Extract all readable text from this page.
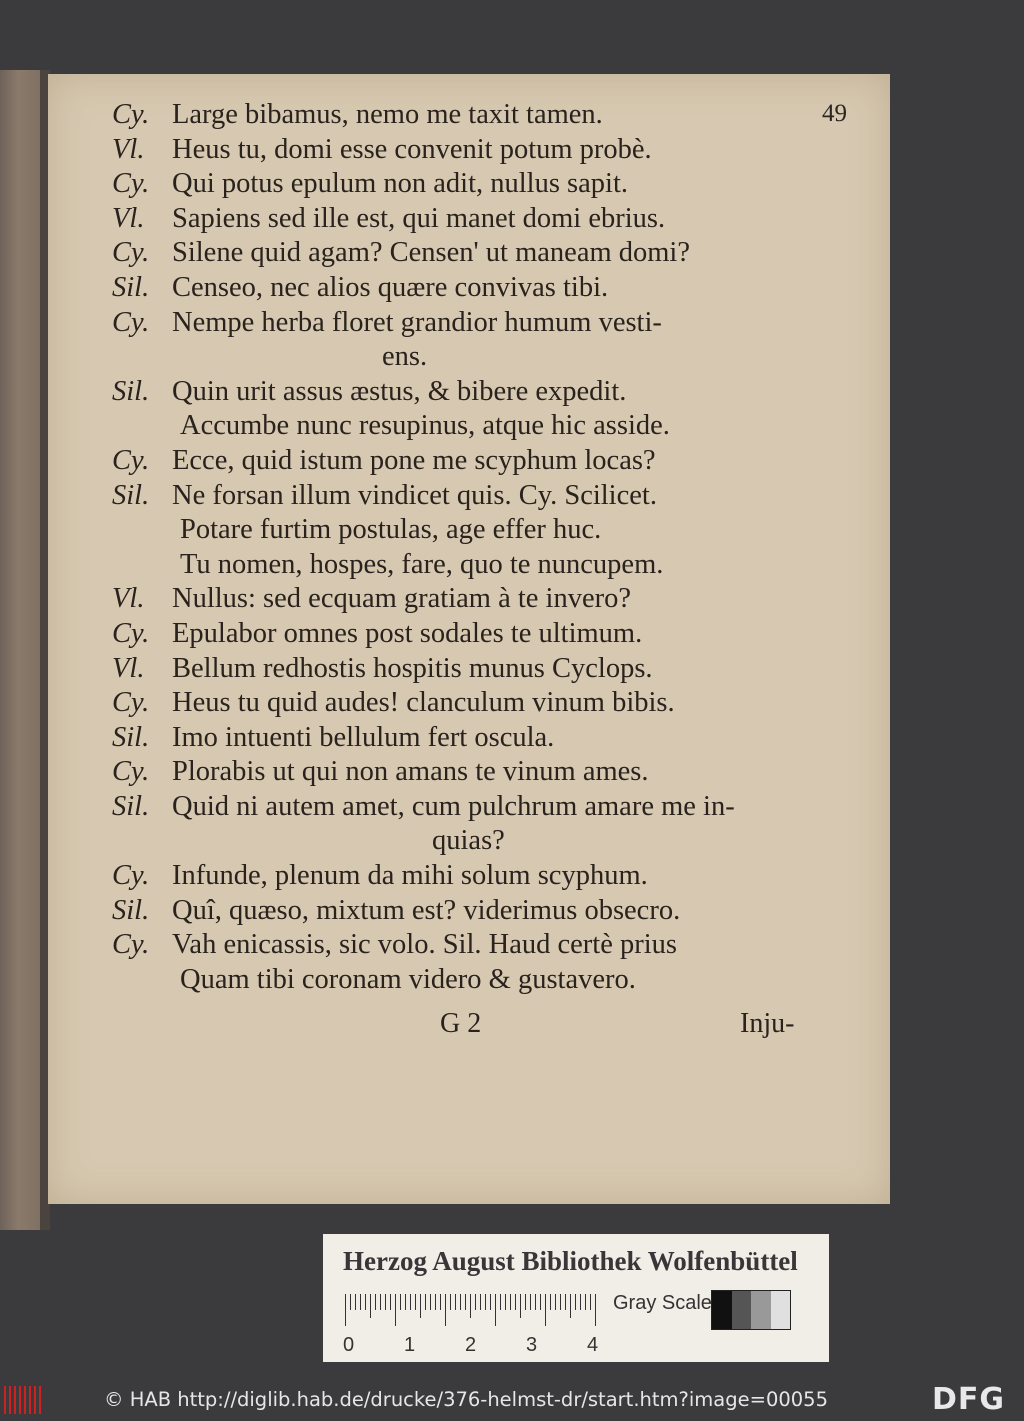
49
Cy. Large bibamus, nemo me taxit tamen.
Vl. Heus tu, domi esse convenit potum probè.
Cy. Qui potus epulum non adit, nullus sapit.
Vl. Sapiens sed ille est, qui manet domi ebrius.
Cy. Silene quid agam? Censen' ut maneam domi?
Sil. Censeo, nec alios quære convivas tibi.
Cy. Nempe herba floret grandior humum vesti-
ens.
Sil. Quin urit assus æstus, & bibere expedit.
Accumbe nunc resupinus, atque hic asside.
Cy. Ecce, quid istum pone me scyphum locas?
Sil. Ne forsan illum vindicet quis. Cy. Scilicet.
Potare furtim postulas, age effer huc.
Tu nomen, hospes, fare, quo te nuncupem.
Vl. Nullus: sed ecquam gratiam à te invero?
Cy. Epulabor omnes post sodales te ultimum.
Vl. Bellum redhostis hospitis munus Cyclops.
Cy. Heus tu quid audes! clanculum vinum bibis.
Sil. Imo intuenti bellulum fert oscula.
Cy. Plorabis ut qui non amans te vinum ames.
Sil. Quid ni autem amet, cum pulchrum amare me in-
quias?
Cy. Infunde, plenum da mihi solum scyphum.
Sil. Quî, quæso, mixtum est? viderimus obsecro.
Cy. Vah enicassis, sic volo. Sil. Haud certè prius
Quam tibi coronam videro & gustavero.
G 2	Inju-
Herzog August Bibliothek Wolfenbüttel
0 1 2 3 4
Gray Scale
© HAB http://diglib.hab.de/drucke/376-helmst-dr/start.htm?image=00055	DFG
